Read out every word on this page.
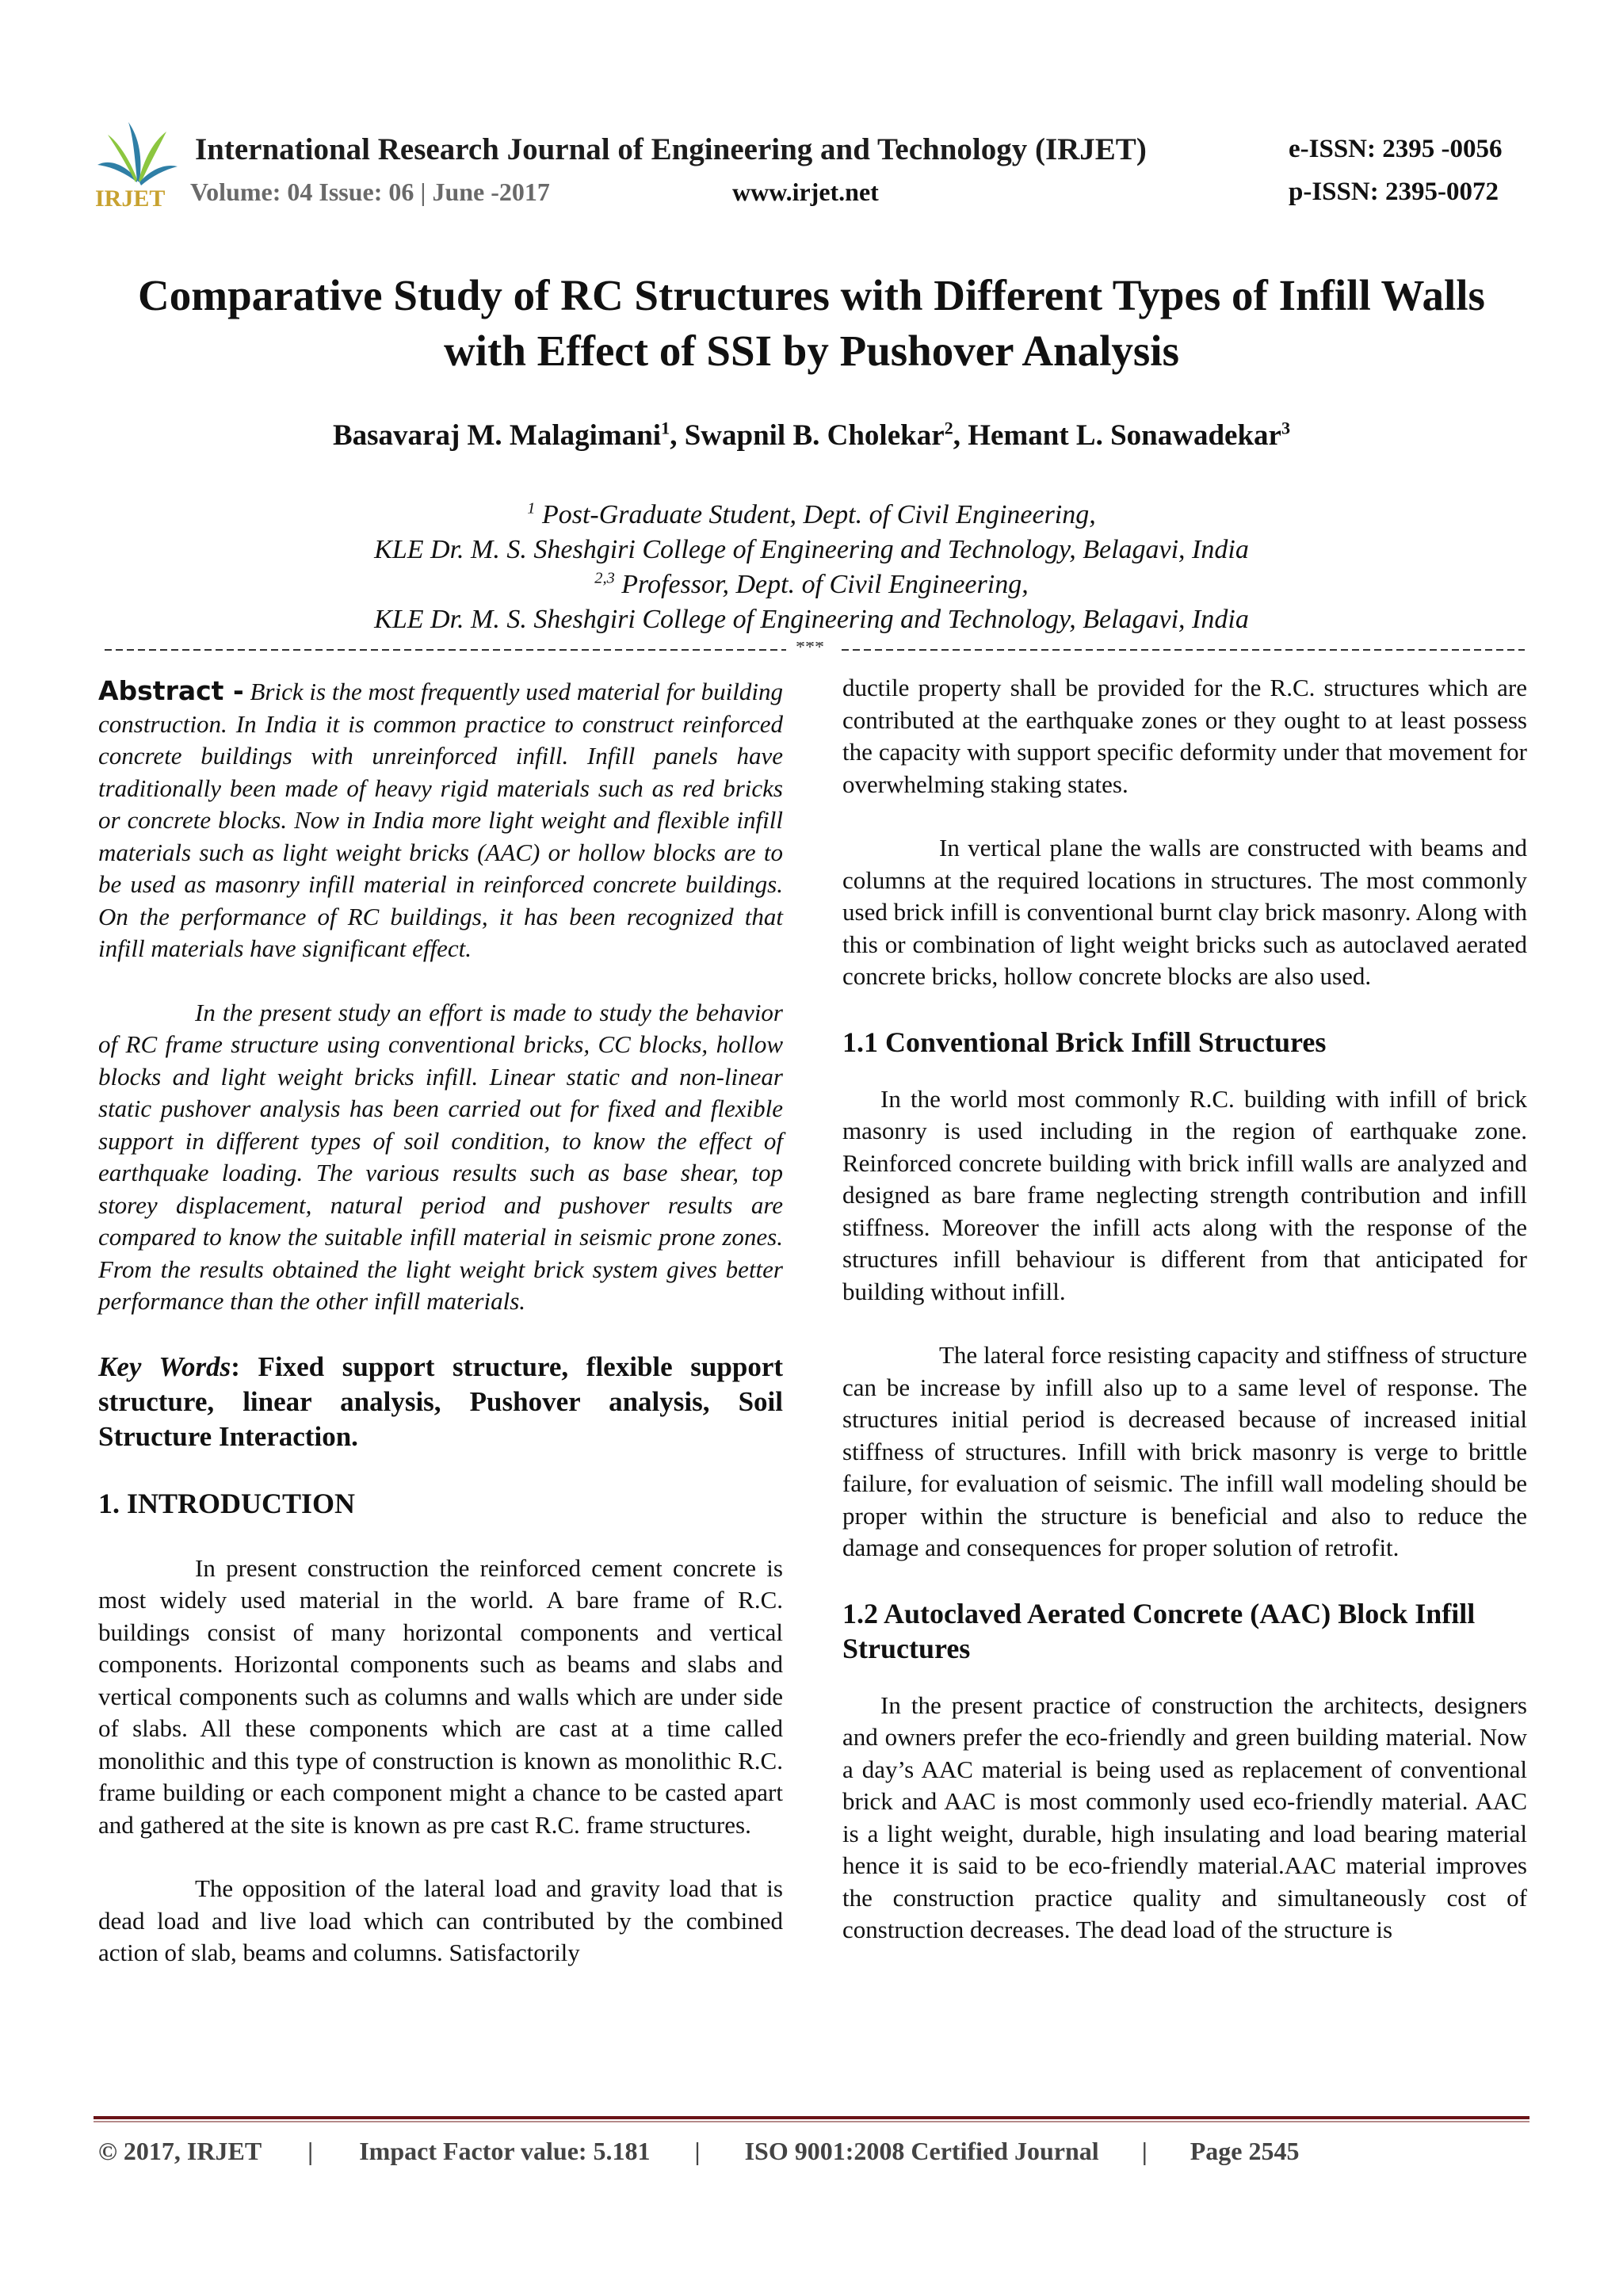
IRJET
International Research Journal of Engineering and Technology (IRJET)	e-ISSN: 2395 -0056
Volume: 04 Issue: 06 | June -2017	www.irjet.net	p-ISSN: 2395-0072
Comparative Study of RC Structures with Different Types of Infill Walls
with Effect of SSI by Pushover Analysis
Basavaraj M. Malagimani$^1$, Swapnil B. Cholekar$^2$, Hemant L. Sonawadekar$^3$
$^1$ Post-Graduate Student, Dept. of Civil Engineering,
KLE Dr. M. S. Sheshgiri College of Engineering and Technology, Belagavi, India
$^{2,3}$ Professor, Dept. of Civil Engineering,
KLE Dr. M. S. Sheshgiri College of Engineering and Technology, Belagavi, India
***

Abstract - Brick is the most frequently used material for building construction. In India it is common practice to construct reinforced concrete buildings with unreinforced infill. Infill panels have traditionally been made of heavy rigid materials such as red bricks or concrete blocks. Now in India more light weight and flexible infill materials such as light weight bricks (AAC) or hollow blocks are to be used as masonry infill material in reinforced concrete buildings. On the performance of RC buildings, it has been recognized that infill materials have significant effect.

In the present study an effort is made to study the behavior of RC frame structure using conventional bricks, CC blocks, hollow blocks and light weight bricks infill. Linear static and non-linear static pushover analysis has been carried out for fixed and flexible support in different types of soil condition, to know the effect of earthquake loading. The various results such as base shear, top storey displacement, natural period and pushover results are compared to know the suitable infill material in seismic prone zones. From the results obtained the light weight brick system gives better performance than the other infill materials.

Key Words: Fixed support structure, flexible support structure, linear analysis, Pushover analysis, Soil Structure Interaction.

1. INTRODUCTION

In present construction the reinforced cement concrete is most widely used material in the world. A bare frame of R.C. buildings consist of many horizontal components and vertical components. Horizontal components such as beams and slabs and vertical components such as columns and walls which are under side of slabs. All these components which are cast at a time called monolithic and this type of construction is known as monolithic R.C. frame building or each component might a chance to be casted apart and gathered at the site is known as pre cast R.C. frame structures.

The opposition of the lateral load and gravity load that is dead load and live load which can contributed by the combined action of slab, beams and columns. Satisfactorily

ductile property shall be provided for the R.C. structures which are contributed at the earthquake zones or they ought to at least possess the capacity with support specific deformity under that movement for overwhelming staking states.

In vertical plane the walls are constructed with beams and columns at the required locations in structures. The most commonly used brick infill is conventional burnt clay brick masonry. Along with this or combination of light weight bricks such as autoclaved aerated concrete bricks, hollow concrete blocks are also used.

1.1 Conventional Brick Infill Structures

In the world most commonly R.C. building with infill of brick masonry is used including in the region of earthquake zone. Reinforced concrete building with brick infill walls are analyzed and designed as bare frame neglecting strength contribution and infill stiffness. Moreover the infill acts along with the response of the structures infill behaviour is different from that anticipated for building without infill.

The lateral force resisting capacity and stiffness of structure can be increase by infill also up to a same level of response. The structures initial period is decreased because of increased initial stiffness of structures. Infill with brick masonry is verge to brittle failure, for evaluation of seismic. The infill wall modeling should be proper within the structure is beneficial and also to reduce the damage and consequences for proper solution of retrofit.

1.2 Autoclaved Aerated Concrete (AAC) Block Infill Structures

In the present practice of construction the architects, designers and owners prefer the eco-friendly and green building material. Now a day’s AAC material is being used as replacement of conventional brick and AAC is most commonly used eco-friendly material. AAC is a light weight, durable, high insulating and load bearing material hence it is said to be eco-friendly material.AAC material improves the construction practice quality and simultaneously cost of construction decreases. The dead load of the structure is

© 2017, IRJET | Impact Factor value: 5.181 | ISO 9001:2008 Certified Journal | Page 2545
